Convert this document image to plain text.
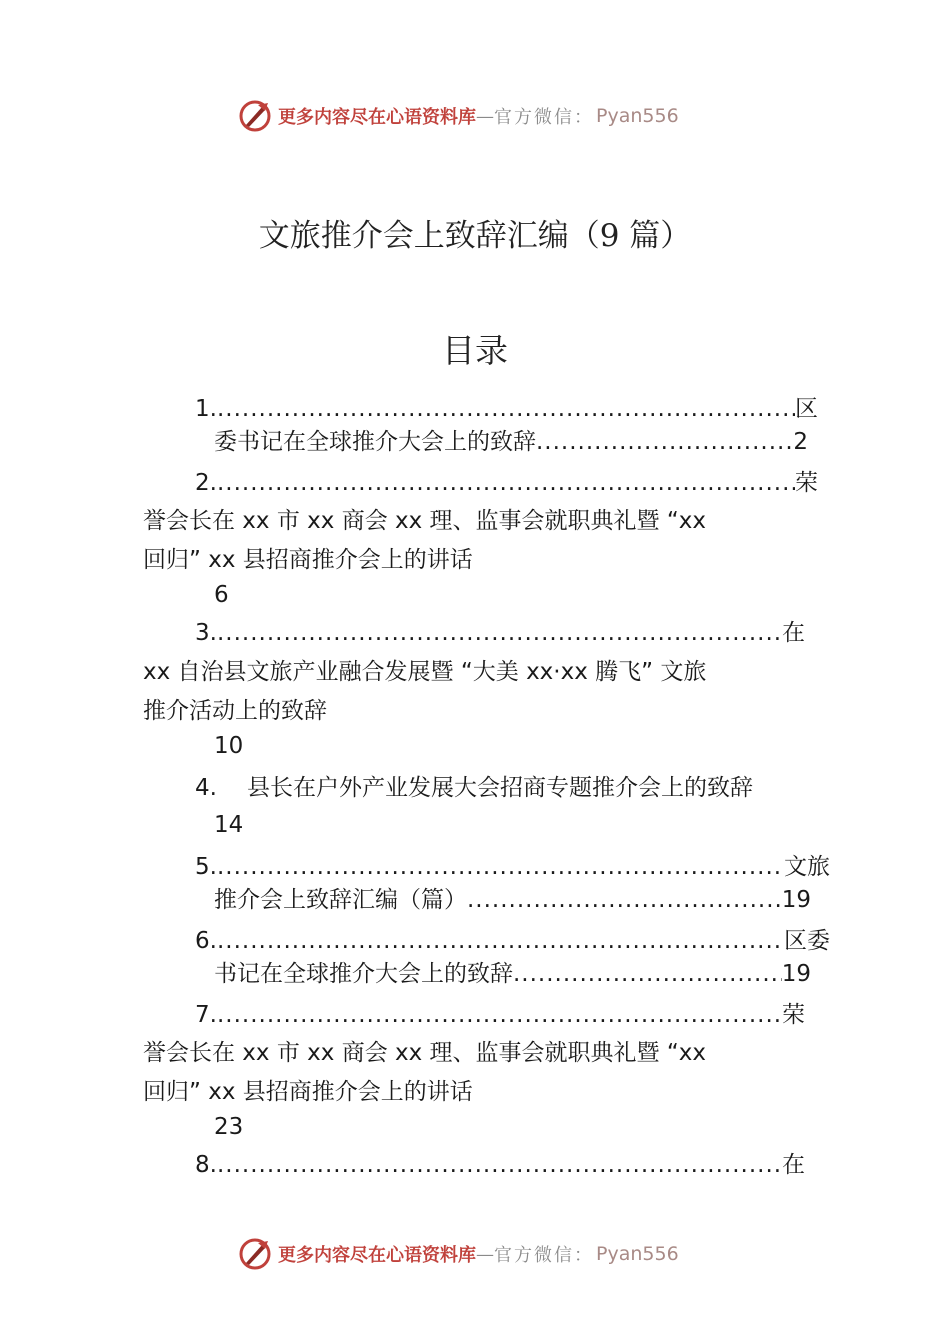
更多内容尽在心语资料库 — 官方微信： Pyan556
文旅推介会上致辞汇编（9 篇）
目录
1. .....	区
委书记在全球推介大会上的致辞 .....	2
2. .....	荣
誉会长在 xx 市 xx 商会 xx 理、监事会就职典礼暨 “xx
回归” xx 县招商推介会上的讲话
6
3. .....	在
xx 自治县文旅产业融合发展暨 “大美 xx·xx 腾飞” 文旅
推介活动上的致辞
10
4. 县长在户外产业发展大会招商专题推介会上的致辞
14
5. .....	文旅
推介会上致辞汇编（篇） .....	19
6. .....	区委
书记在全球推介大会上的致辞 .....	19
7. .....	荣
誉会长在 xx 市 xx 商会 xx 理、监事会就职典礼暨 “xx
回归” xx 县招商推介会上的讲话
23
8. .....	在
更多内容尽在心语资料库 — 官方微信： Pyan556
